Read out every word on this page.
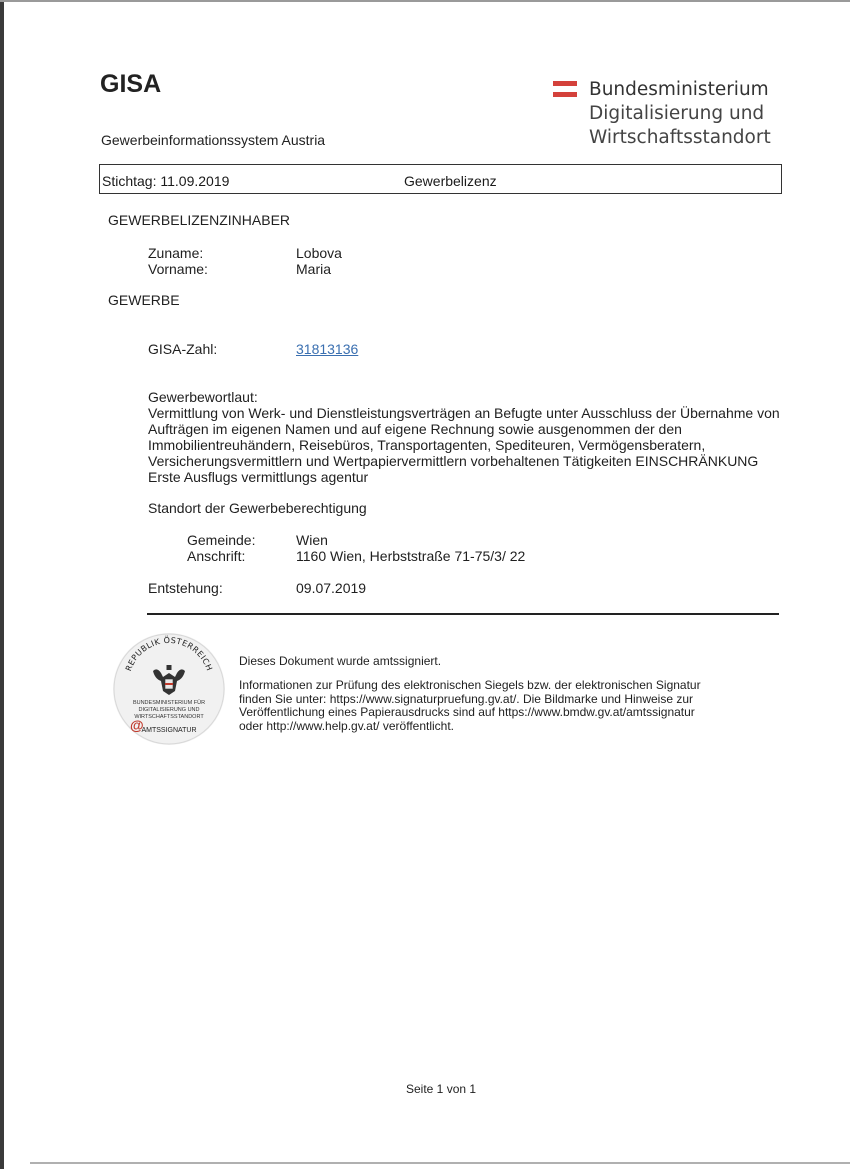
GISA
Gewerbeinformationssystem Austria
Bundesministerium
Digitalisierung und
Wirtschaftsstandort
Stichtag: 11.09.2019	Gewerbelizenz
GEWERBELIZENZINHABER
Zuname:	Lobova
Vorname:	Maria
GEWERBE
GISA-Zahl:	31813136
Gewerbewortlaut:
Vermittlung von Werk- und Dienstleistungsverträgen an Befugte unter Ausschluss der Übernahme von
Aufträgen im eigenen Namen und auf eigene Rechnung sowie ausgenommen der den
Immobilientreuhändern, Reisebüros, Transportagenten, Spediteuren, Vermögensberatern,
Versicherungsvermittlern und Wertpapiervermittlern vorbehaltenen Tätigkeiten EINSCHRÄNKUNG
Erste Ausflugs vermittlungs agentur
Standort der Gewerbeberechtigung
Gemeinde:	Wien
Anschrift:	1160 Wien, Herbststraße 71-75/3/ 22
Entstehung:	09.07.2019
REPUBLIK ÖSTERREICH
BUNDESMINISTERIUM FÜR
DIGITALISIERUNG UND
WIRTSCHAFTSSTANDORT
@
AMTSSIGNATUR
Dieses Dokument wurde amtssigniert.
Informationen zur Prüfung des elektronischen Siegels bzw. der elektronischen Signatur
finden Sie unter: https://www.signaturpruefung.gv.at/. Die Bildmarke und Hinweise zur
Veröffentlichung eines Papierausdrucks sind auf https://www.bmdw.gv.at/amtssignatur
oder http://www.help.gv.at/ veröffentlicht.
Seite 1 von 1
